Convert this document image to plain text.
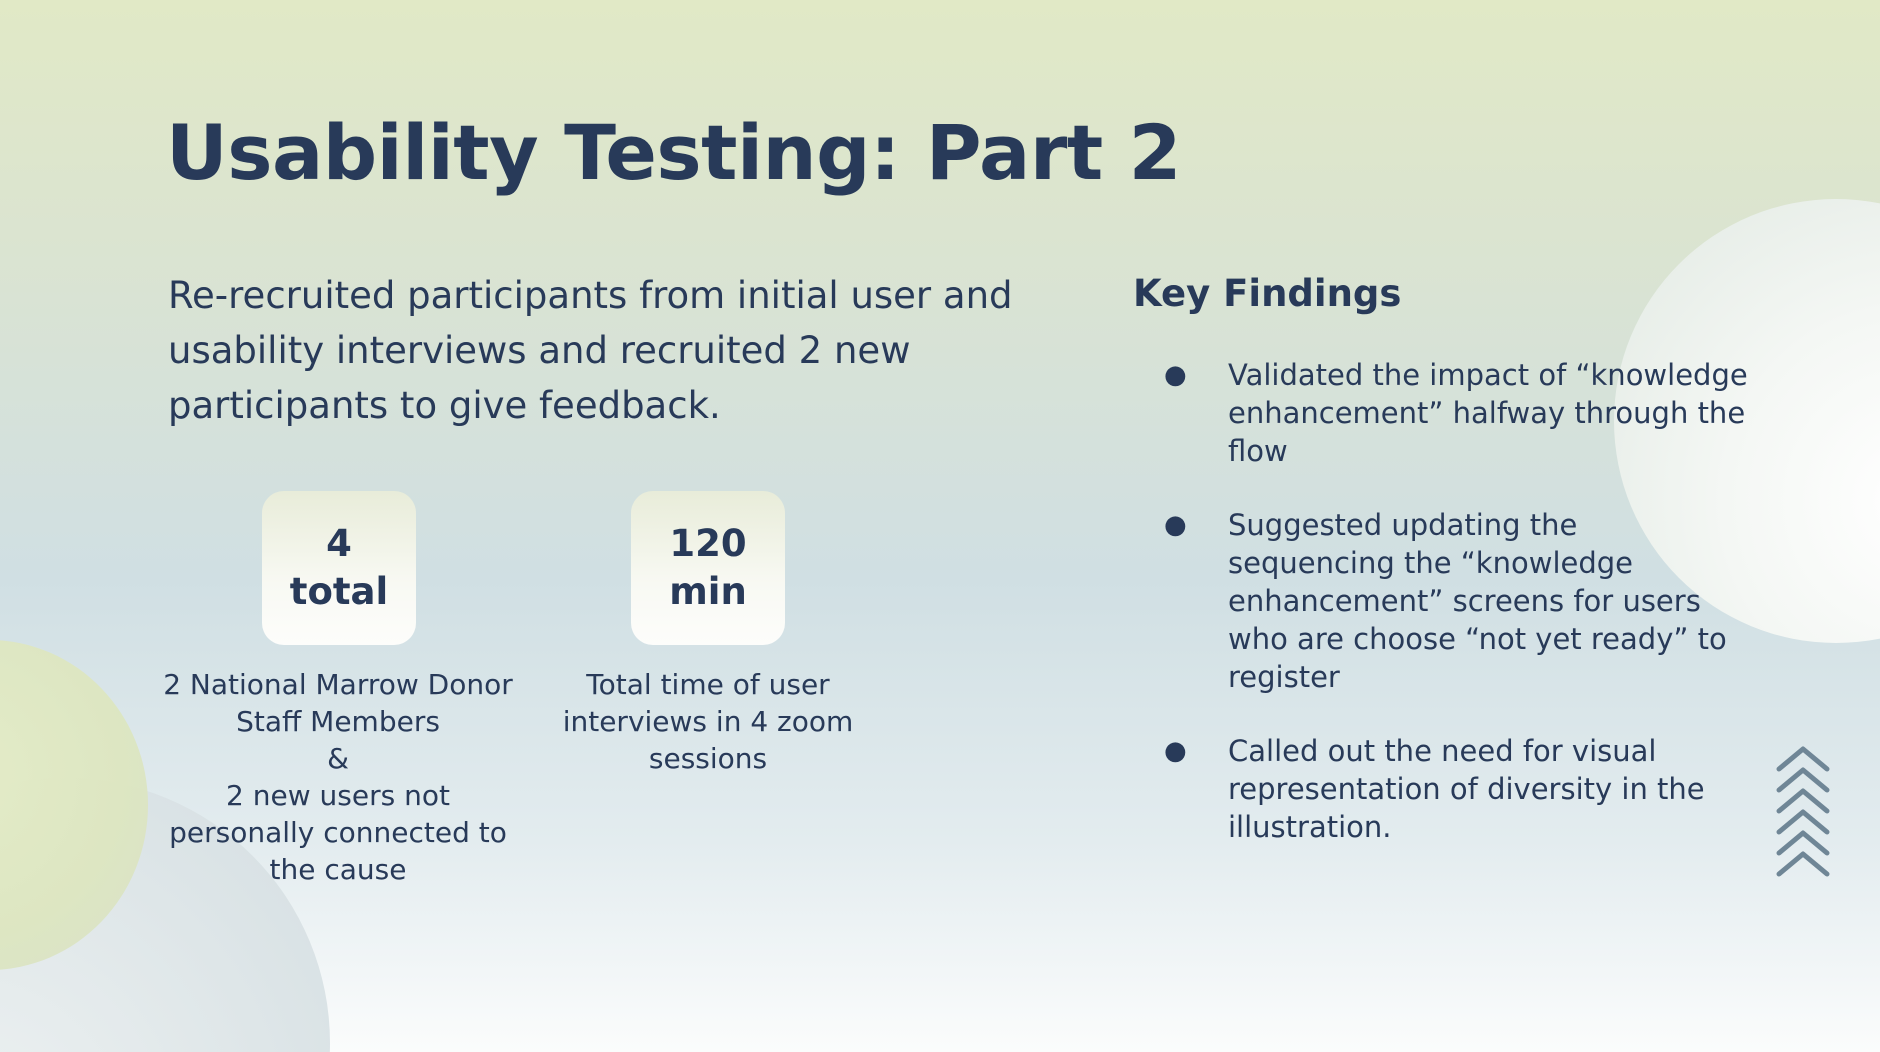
Usability Testing: Part 2

Re-recruited participants from initial user and usability interviews and recruited 2 new participants to give feedback.

4
total
2 National Marrow Donor Staff Members
&
2 new users not personally connected to the cause
120
min
Total time of user interviews in 4 zoom sessions
Key Findings
● Validated the impact of “knowledge enhancement” halfway through the flow
● Suggested updating the sequencing the “knowledge enhancement” screens for users who are choose “not yet ready” to register
● Called out the need for visual representation of diversity in the illustration.
